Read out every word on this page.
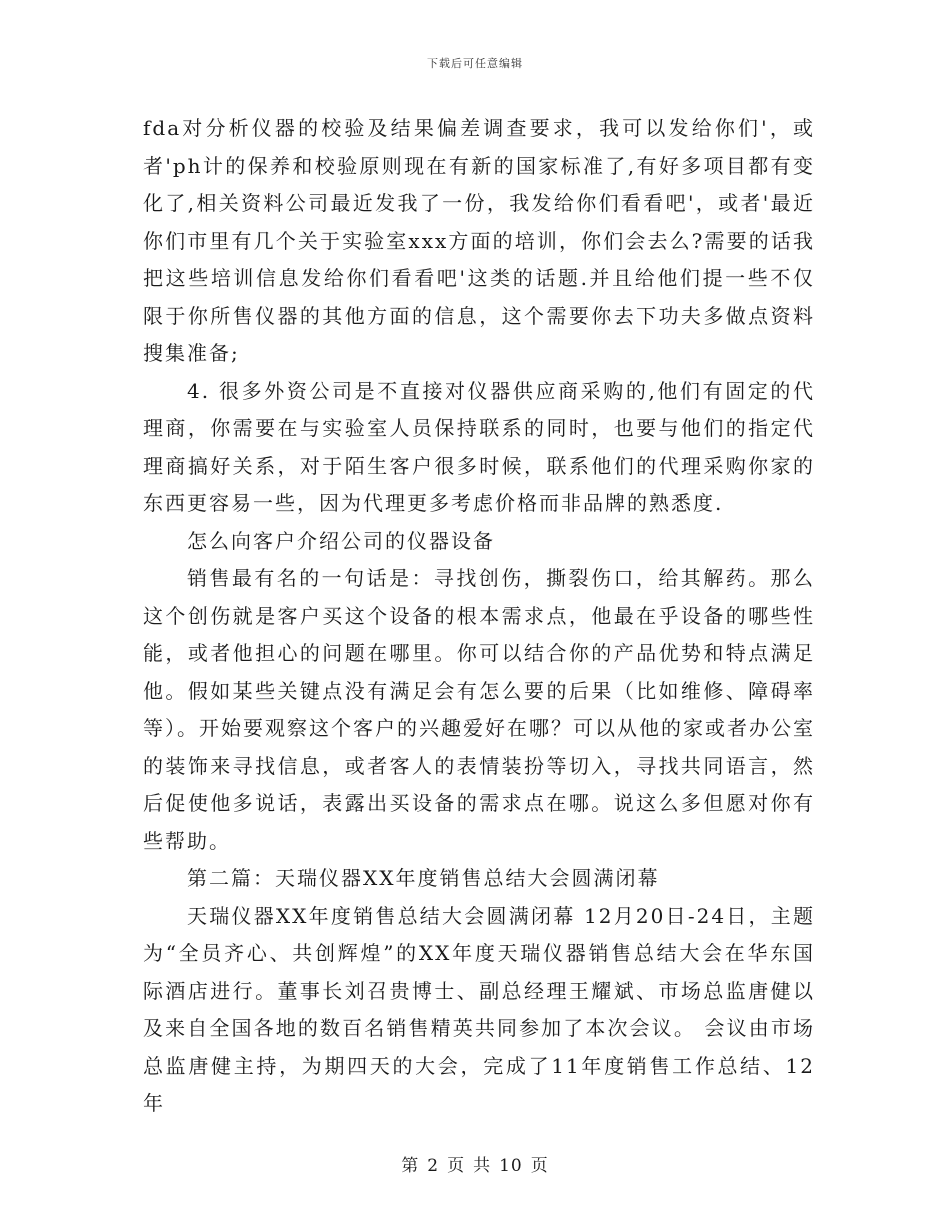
下载后可任意编辑

fda对分析仪器的校验及结果偏差调查要求，我可以发给你们'，或者'ph计的保养和校验原则现在有新的国家标准了,有好多项目都有变化了,相关资料公司最近发我了一份，我发给你们看看吧'，或者'最近你们市里有几个关于实验室xxx方面的培训，你们会去么?需要的话我把这些培训信息发给你们看看吧'这类的话题.并且给他们提一些不仅限于你所售仪器的其他方面的信息，这个需要你去下功夫多做点资料搜集准备;

4. 很多外资公司是不直接对仪器供应商采购的,他们有固定的代理商，你需要在与实验室人员保持联系的同时，也要与他们的指定代理商搞好关系，对于陌生客户很多时候，联系他们的代理采购你家的东西更容易一些，因为代理更多考虑价格而非品牌的熟悉度.

怎么向客户介绍公司的仪器设备

销售最有名的一句话是：寻找创伤，撕裂伤口，给其解药。那么这个创伤就是客户买这个设备的根本需求点，他最在乎设备的哪些性能，或者他担心的问题在哪里。你可以结合你的产品优势和特点满足他。假如某些关键点没有满足会有怎么要的后果（比如维修、障碍率等）。开始要观察这个客户的兴趣爱好在哪？可以从他的家或者办公室的装饰来寻找信息，或者客人的表情装扮等切入，寻找共同语言，然后促使他多说话，表露出买设备的需求点在哪。说这么多但愿对你有些帮助。

第二篇：天瑞仪器XX年度销售总结大会圆满闭幕

天瑞仪器XX年度销售总结大会圆满闭幕 12月20日-24日，主题为“全员齐心、共创辉煌”的XX年度天瑞仪器销售总结大会在华东国际酒店进行。董事长刘召贵博士、副总经理王耀斌、市场总监唐健以及来自全国各地的数百名销售精英共同参加了本次会议。 会议由市场总监唐健主持，为期四天的大会，完成了11年度销售工作总结、12年

第 2 页 共 10 页
